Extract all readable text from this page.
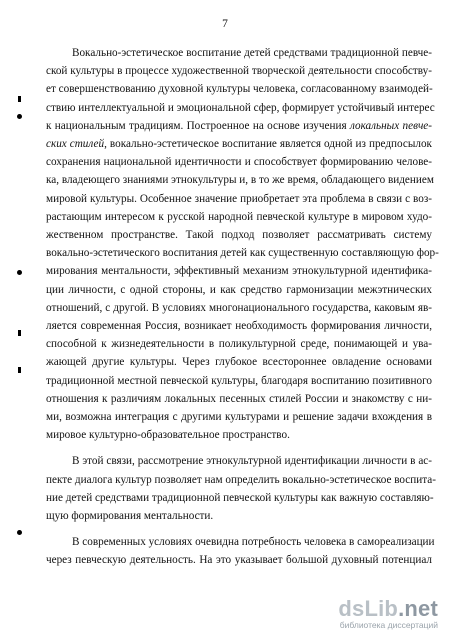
7
Вокально-эстетическое воспитание детей средствами традиционной певче-
ской культуры в процессе художественной творческой деятельности способству-
ет совершенствованию духовной культуры человека, согласованному взаимодей-
ствию интеллектуальной и эмоциональной сфер, формирует устойчивый интерес
к национальным традициям. Построенное на основе изучения локальных певче-
ских стилей, вокально-эстетическое воспитание является одной из предпосылок
сохранения национальной идентичности и способствует формированию челове-
ка, владеющего знаниями этнокультуры и, в то же время, обладающего видением
мировой культуры. Особенное значение приобретает эта проблема в связи с воз-
растающим интересом к русской народной певческой культуре в мировом худо-
жественном пространстве. Такой подход позволяет рассматривать систему
вокально-эстетического воспитания детей как существенную составляющую фор-
мирования ментальности, эффективный механизм этнокультурной идентифика-
ции личности, с одной стороны, и как средство гармонизации межэтнических
отношений, с другой. В условиях многонационального государства, каковым яв-
ляется современная Россия, возникает необходимость формирования личности,
способной к жизнедеятельности в поликультурной среде, понимающей и ува-
жающей другие культуры. Через глубокое всестороннее овладение основами
традиционной местной певческой культуры, благодаря воспитанию позитивного
отношения к различиям локальных песенных стилей России и знакомству с ни-
ми, возможна интеграция с другими культурами и решение задачи вхождения в
мировое культурно-образовательное пространство.
В этой связи, рассмотрение этнокультурной идентификации личности в ас-
пекте диалога культур позволяет нам определить вокально-эстетическое воспита-
ние детей средствами традиционной певческой культуры как важную составляю-
щую формирования ментальности.
В современных условиях очевидна потребность человека в самореализации
через певческую деятельность. На это указывает большой духовный потенциал
dsLib.net
библиотека диссертаций
